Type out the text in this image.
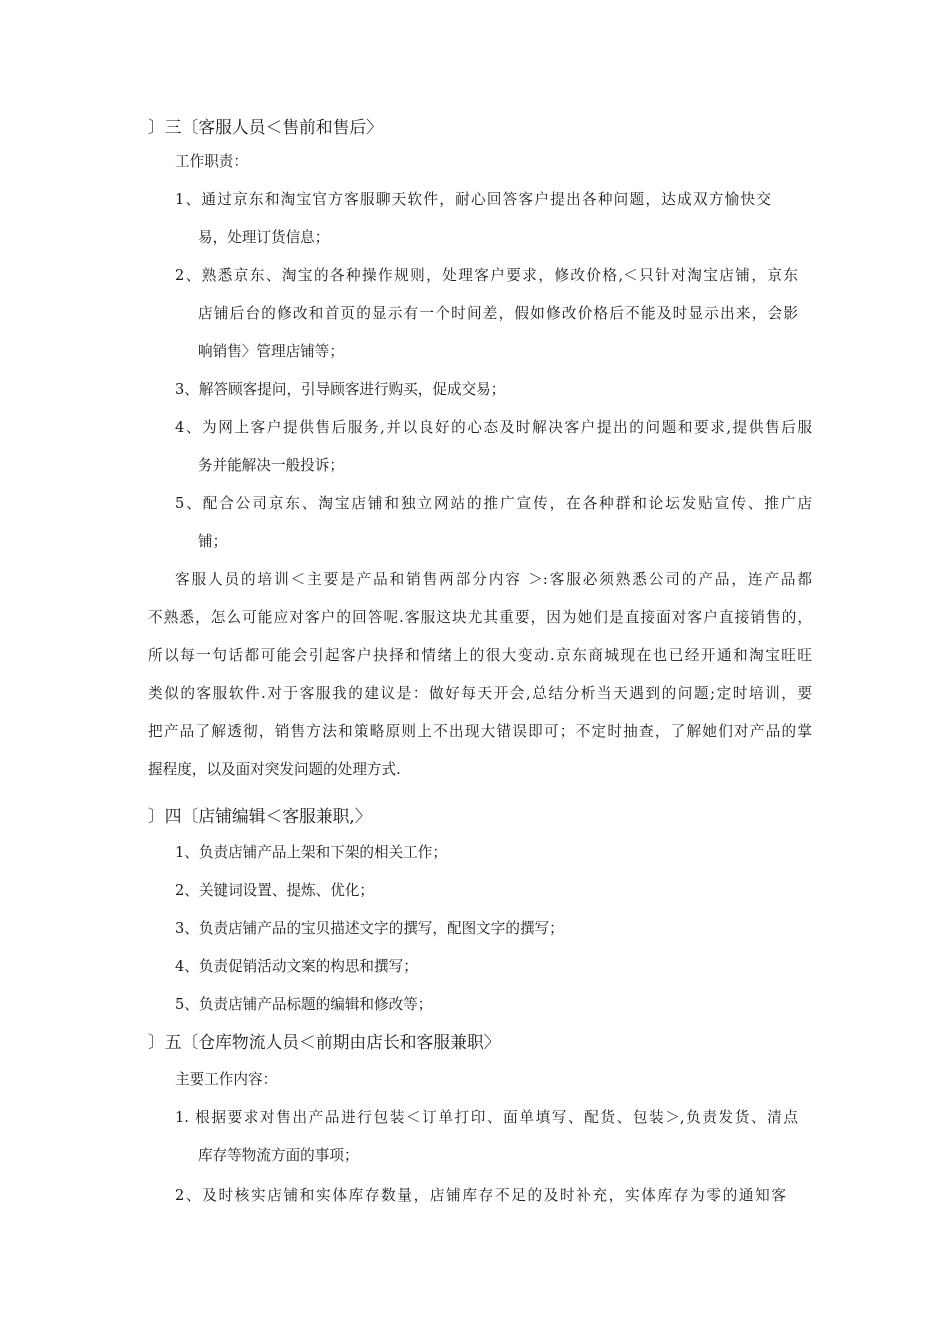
〕三〔客服人员＜售前和售后〉

工作职责：

1、通过京东和淘宝官方客服聊天软件，耐心回答客户提出各种问题，达成双方愉快交

易，处理订货信息；

2、熟悉京东、淘宝的各种操作规则，处理客户要求，修改价格,＜只针对淘宝店铺，京东

店铺后台的修改和首页的显示有一个时间差，假如修改价格后不能及时显示出来，会影

响销售〉管理店铺等；

3、解答顾客提问，引导顾客进行购买，促成交易；

4、为网上客户提供售后服务,并以良好的心态及时解决客户提出的问题和要求,提供售后服

务并能解决一般投诉；

5、配合公司京东、淘宝店铺和独立网站的推广宣传，在各种群和论坛发贴宣传、推广店

铺；

客服人员的培训＜主要是产品和销售两部分内容 ＞:客服必须熟悉公司的产品，连产品都

不熟悉，怎么可能应对客户的回答呢.客服这块尤其重要，因为她们是直接面对客户直接销售的，

所以每一句话都可能会引起客户抉择和情绪上的很大变动.京东商城现在也已经开通和淘宝旺旺

类似的客服软件.对于客服我的建议是：做好每天开会,总结分析当天遇到的问题;定时培训，要

把产品了解透彻，销售方法和策略原则上不出现大错误即可；不定时抽查，了解她们对产品的掌

握程度，以及面对突发问题的处理方式.

〕四〔店铺编辑＜客服兼职,〉

1、负责店铺产品上架和下架的相关工作；

2、关键词设置、提炼、优化；

3、负责店铺产品的宝贝描述文字的撰写，配图文字的撰写；

4、负责促销活动文案的构思和撰写；

5、负责店铺产品标题的编辑和修改等；

〕五〔仓库物流人员＜前期由店长和客服兼职〉

主要工作内容：

1. 根据要求对售出产品进行包装＜订单打印、面单填写、配货、包装＞,负责发货、清点

库存等物流方面的事项；

2、及时核实店铺和实体库存数量，店铺库存不足的及时补充，实体库存为零的通知客
